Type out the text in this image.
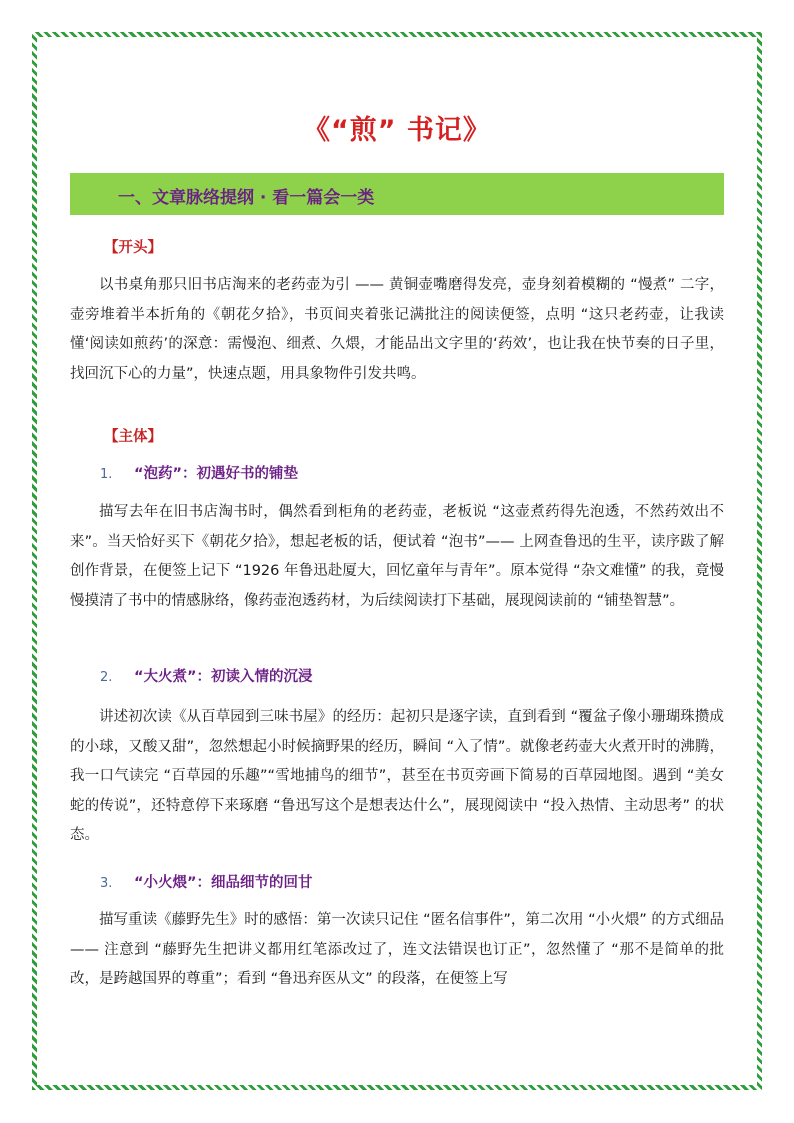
《“煎” 书记》
一、文章脉络提纲 · 看一篇会一类
【开头】

以书桌角那只旧书店淘来的老药壶为引 —— 黄铜壶嘴磨得发亮，壶身刻着模糊的 “慢煮” 二字，壶旁堆着半本折角的《朝花夕拾》，书页间夹着张记满批注的阅读便签，点明 “这只老药壶，让我读懂‘阅读如煎药’的深意：需慢泡、细煮、久煨，才能品出文字里的‘药效’，也让我在快节奏的日子里，找回沉下心的力量”，快速点题，用具象物件引发共鸣。

【主体】
1. “泡药”：初遇好书的铺垫

描写去年在旧书店淘书时，偶然看到柜角的老药壶，老板说 “这壶煮药得先泡透，不然药效出不来”。当天恰好买下《朝花夕拾》，想起老板的话，便试着 “泡书”—— 上网查鲁迅的生平，读序跋了解创作背景，在便签上记下 “1926 年鲁迅赴厦大，回忆童年与青年”。原本觉得 “杂文难懂” 的我，竟慢慢摸清了书中的情感脉络，像药壶泡透药材，为后续阅读打下基础，展现阅读前的 “铺垫智慧”。

2. “大火煮”：初读入情的沉浸

讲述初次读《从百草园到三味书屋》的经历：起初只是逐字读，直到看到 “覆盆子像小珊瑚珠攒成的小球，又酸又甜”，忽然想起小时候摘野果的经历，瞬间 “入了情”。就像老药壶大火煮开时的沸腾，我一口气读完 “百草园的乐趣”“雪地捕鸟的细节”，甚至在书页旁画下简易的百草园地图。遇到 “美女蛇的传说”，还特意停下来琢磨 “鲁迅写这个是想表达什么”，展现阅读中 “投入热情、主动思考” 的状态。

3. “小火煨”：细品细节的回甘

描写重读《藤野先生》时的感悟：第一次读只记住 “匿名信事件”，第二次用 “小火煨” 的方式细品 —— 注意到 “藤野先生把讲义都用红笔添改过了，连文法错误也订正”，忽然懂了 “那不是简单的批改，是跨越国界的尊重”；看到 “鲁迅弃医从文” 的段落，在便签上写
